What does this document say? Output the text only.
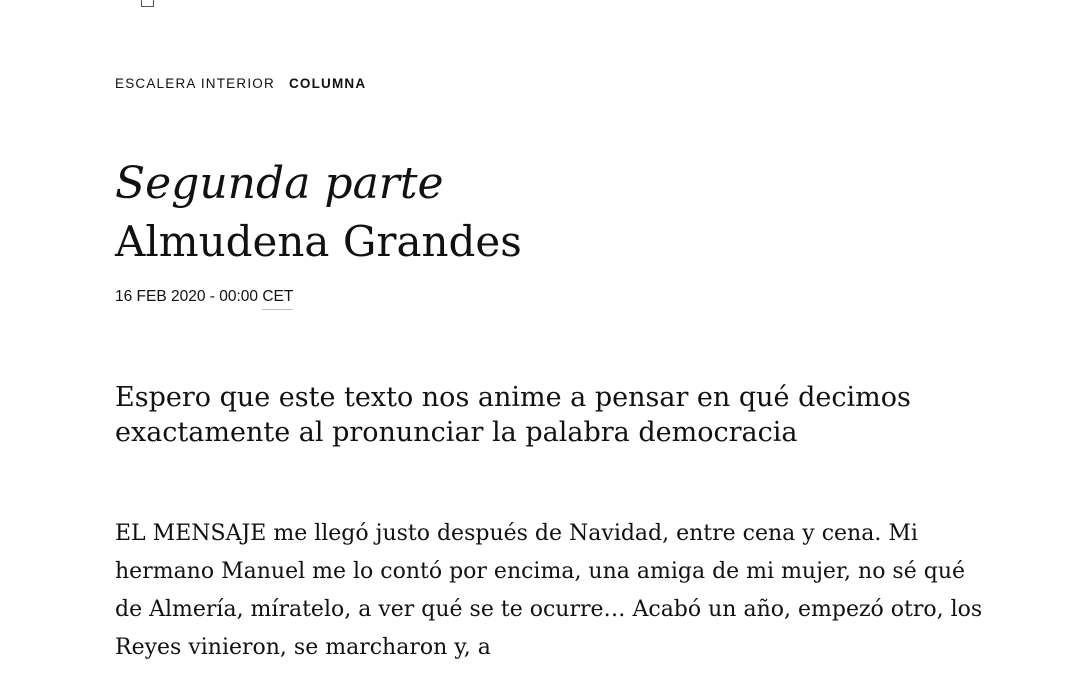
ESCALERA INTERIOR COLUMNA
Segunda parte
Almudena Grandes
16 FEB 2020 - 00:00 CET
Espero que este texto nos anime a pensar en qué decimos exactamente al pronunciar la palabra democracia

EL MENSAJE me llegó justo después de Navidad, entre cena y cena. Mi hermano Manuel me lo contó por encima, una amiga de mi mujer, no sé qué de Almería, míratelo, a ver qué se te ocurre… Acabó un año, empezó otro, los Reyes vinieron, se marcharon y, a
